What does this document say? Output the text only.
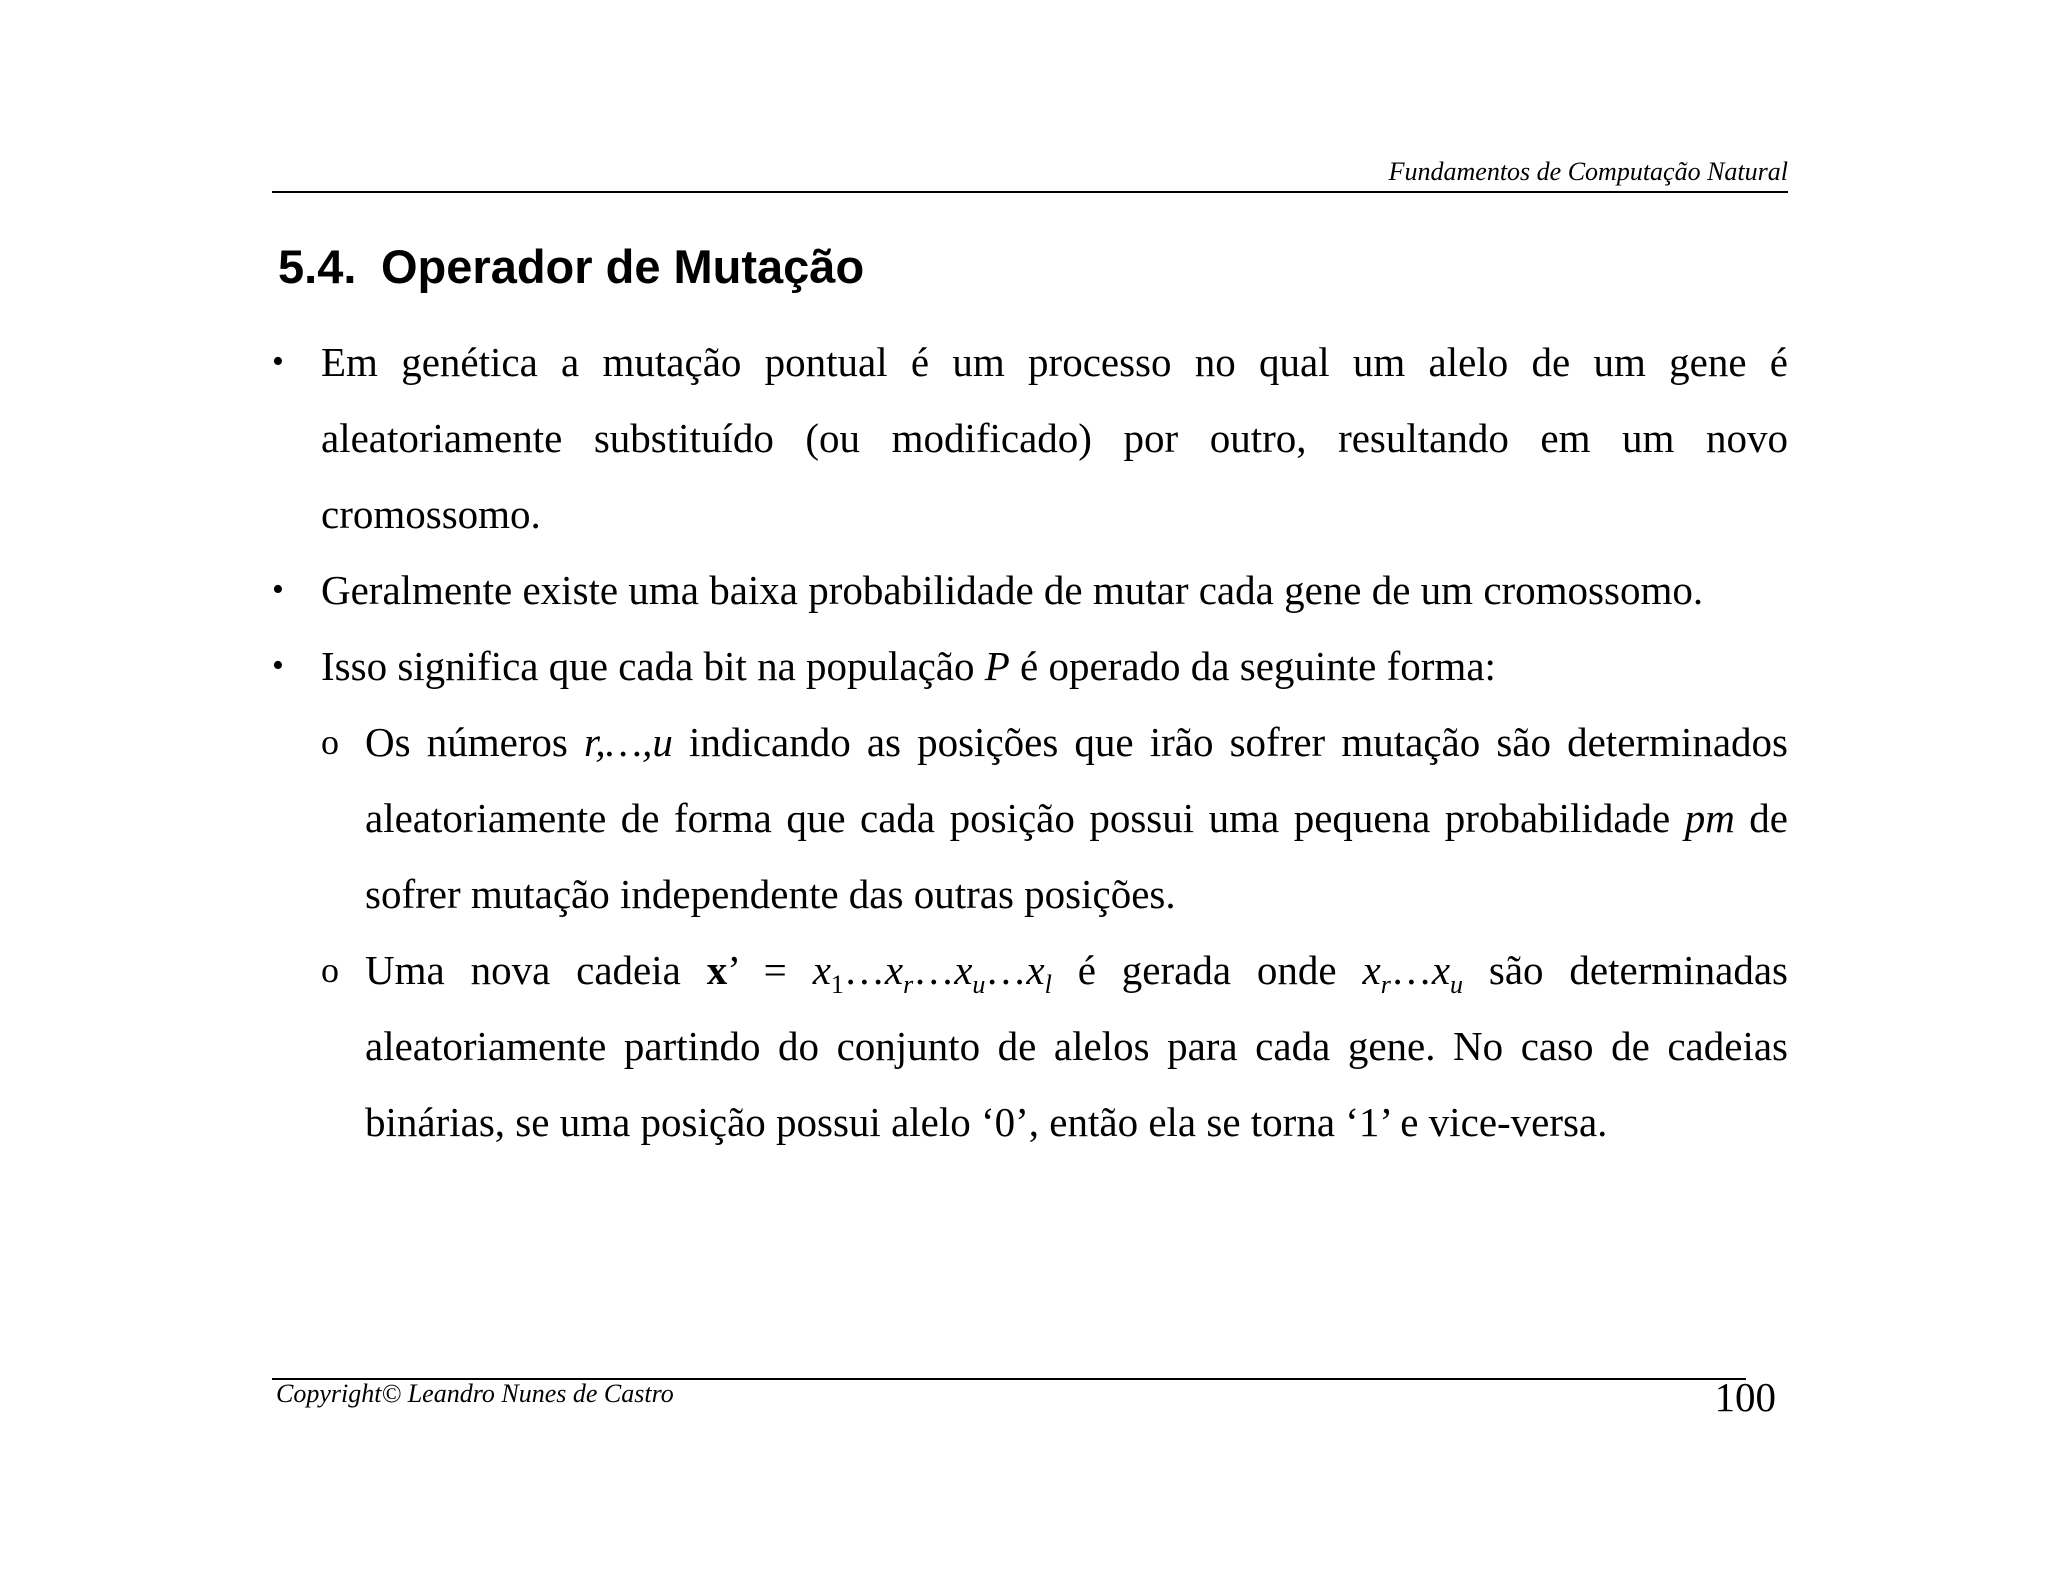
Fundamentos de Computação Natural
5.4. Operador de Mutação
• Em genética a mutação pontual é um processo no qual um alelo de um gene é aleatoriamente substituído (ou modificado) por outro, resultando em um novo cromossomo.
• Geralmente existe uma baixa probabilidade de mutar cada gene de um cromossomo.
• Isso significa que cada bit na população P é operado da seguinte forma:
o Os números r,…,u indicando as posições que irão sofrer mutação são determinados aleatoriamente de forma que cada posição possui uma pequena probabilidade pm de sofrer mutação independente das outras posições.
o Uma nova cadeia x’ = $x_1\dots x_r\dots x_u\dots x_l$ é gerada onde $x_r\dots x_u$ são determinadas aleatoriamente partindo do conjunto de alelos para cada gene. No caso de cadeias binárias, se uma posição possui alelo ‘0’, então ela se torna ‘1’ e vice-versa.
Copyright© Leandro Nunes de Castro	100
